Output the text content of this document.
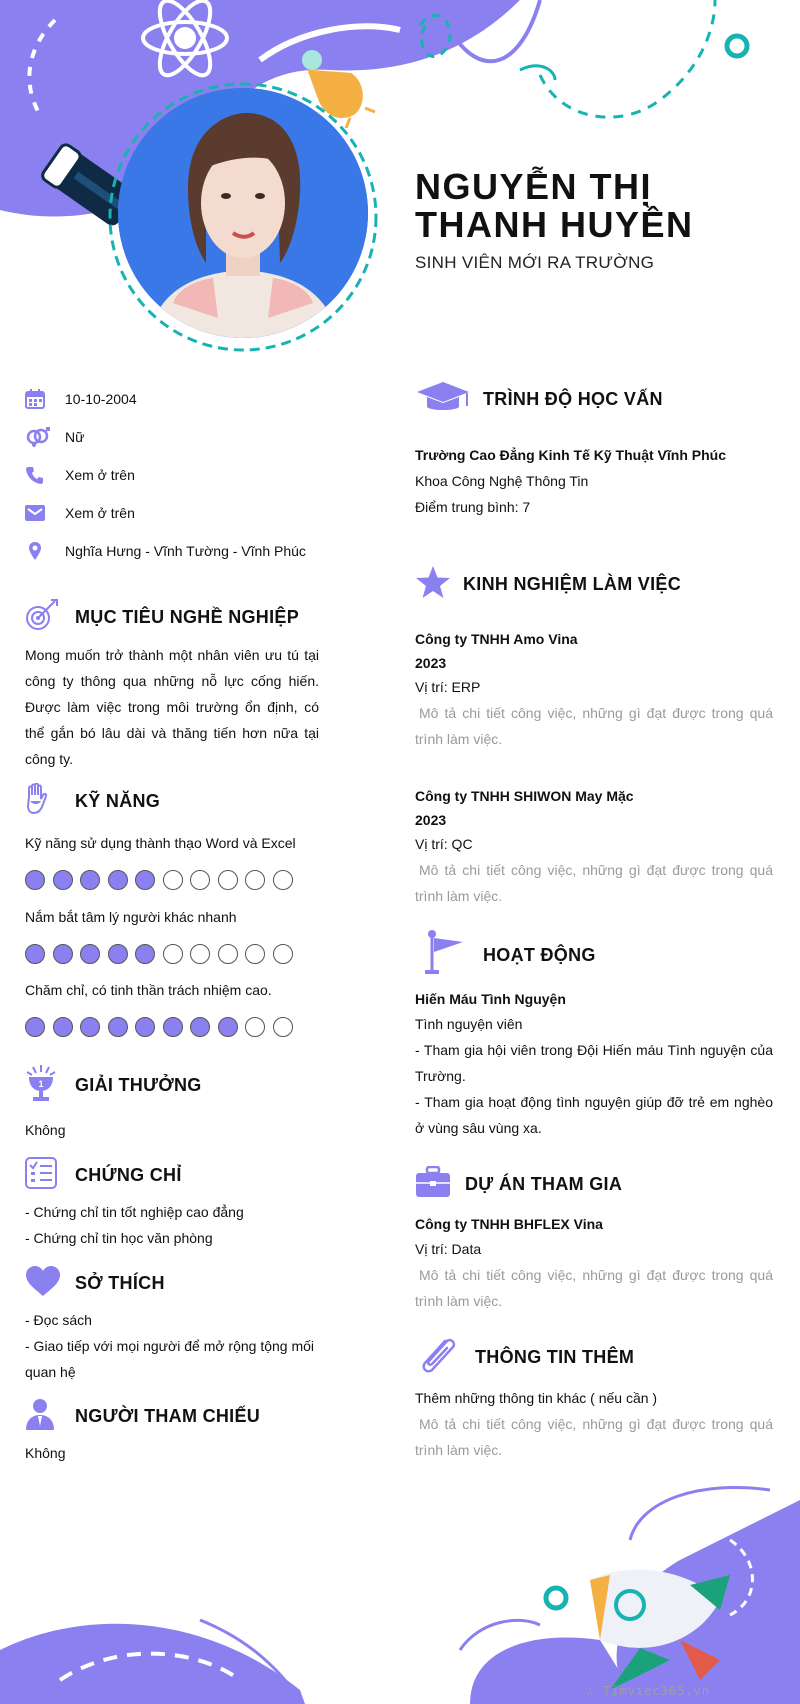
NGUYỄN THỊ THANH HUYỀN
SINH VIÊN MỚI RA TRƯỜNG
10-10-2004
Nữ
Xem ở trên
Xem ở trên
Nghĩa Hưng - Vĩnh Tường - Vĩnh Phúc
MỤC TIÊU NGHỀ NGHIỆP
Mong muốn trở thành một nhân viên ưu tú tại công ty thông qua những nỗ lực cống hiến. Được làm việc trong môi trường ổn định, có thể gắn bó lâu dài và thăng tiến hơn nữa tại công ty.
KỸ NĂNG
Kỹ năng sử dụng thành thạo Word và Excel
Nắm bắt tâm lý người khác nhanh
Chăm chỉ, có tinh thần trách nhiệm cao.
1 GIẢI THƯỞNG
Không
CHỨNG CHỈ
- Chứng chỉ tin tốt nghiệp cao đẳng
- Chứng chỉ tin học văn phòng
SỞ THÍCH
- Đọc sách
- Giao tiếp với mọi người để mở rộng tộng mối quan hệ
NGƯỜI THAM CHIẾU
Không
TRÌNH ĐỘ HỌC VẤN
Trường Cao Đẳng Kinh Tế Kỹ Thuật Vĩnh Phúc
Khoa Công Nghệ Thông Tin
Điểm trung bình: 7
KINH NGHIỆM LÀM VIỆC
Công ty TNHH Amo Vina
2023
Vị trí: ERP
Mô tả chi tiết công việc, những gì đạt được trong quá trình làm việc.
Công ty TNHH SHIWON May Mặc
2023
Vị trí: QC
Mô tả chi tiết công việc, những gì đạt được trong quá trình làm việc.
HOẠT ĐỘNG
Hiến Máu Tình Nguyện
Tình nguyện viên
- Tham gia hội viên trong Đội Hiến máu Tình nguyện của Trường.
- Tham gia hoạt động tình nguyện giúp đỡ trẻ em nghèo ở vùng sâu vùng xa.
DỰ ÁN THAM GIA
Công ty TNHH BHFLEX Vina
Vị trí: Data
Mô tả chi tiết công việc, những gì đạt được trong quá trình làm việc.
THÔNG TIN THÊM
Thêm những thông tin khác ( nếu cần )
Mô tả chi tiết công việc, những gì đạt được trong quá trình làm việc.
∴ Timviec365.vn
